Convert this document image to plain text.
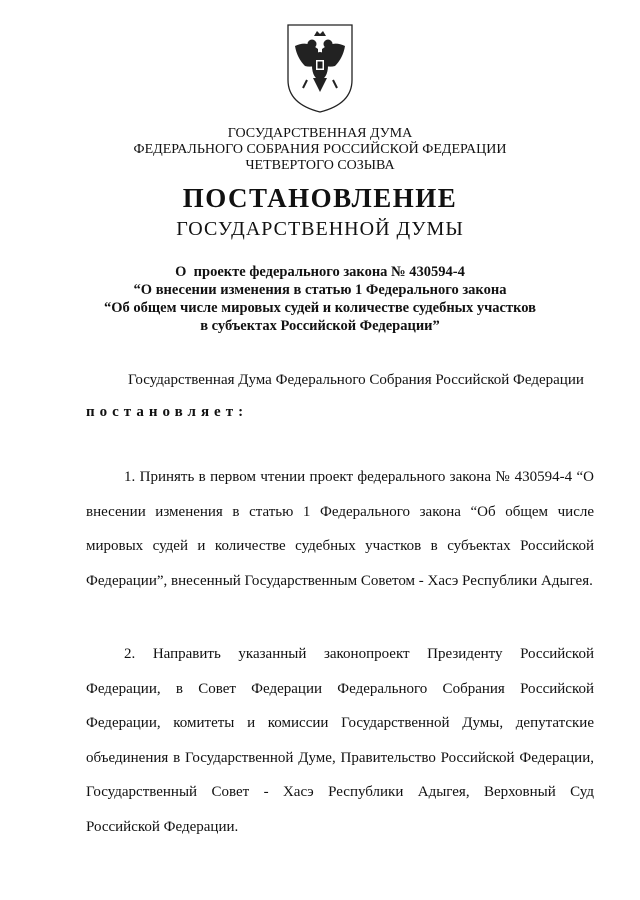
ГОСУДАРСТВЕННАЯ ДУМА
ФЕДЕРАЛЬНОГО СОБРАНИЯ РОССИЙСКОЙ ФЕДЕРАЦИИ
ЧЕТВЕРТОГО СОЗЫВА
ПОСТАНОВЛЕНИЕ
ГОСУДАРСТВЕННОЙ ДУМЫ
О  проекте федерального закона № 430594-4
“О внесении изменения в статью 1 Федерального закона
“Об общем числе мировых судей и количестве судебных участков
в субъектах Российской Федерации”
Государственная Дума Федерального Собрания Российской Федерации
постановляет:
1. Принять в первом чтении проект федерального закона № 430594-4 “О внесении изменения в статью 1 Федерального закона “Об общем числе мировых судей и количестве судебных участков в субъектах Российской Федерации”, внесенный Государственным Советом - Хасэ Республики Адыгея.
2. Направить указанный законопроект Президенту Российской Федерации, в Совет Федерации Федерального Собрания Российской Федерации, комитеты и комиссии Государственной Думы, депутатские объединения в Государственной Думе, Правительство Российской Федерации, Государственный Совет - Хасэ Республики Адыгея, Верховный Суд Российской Федерации.
